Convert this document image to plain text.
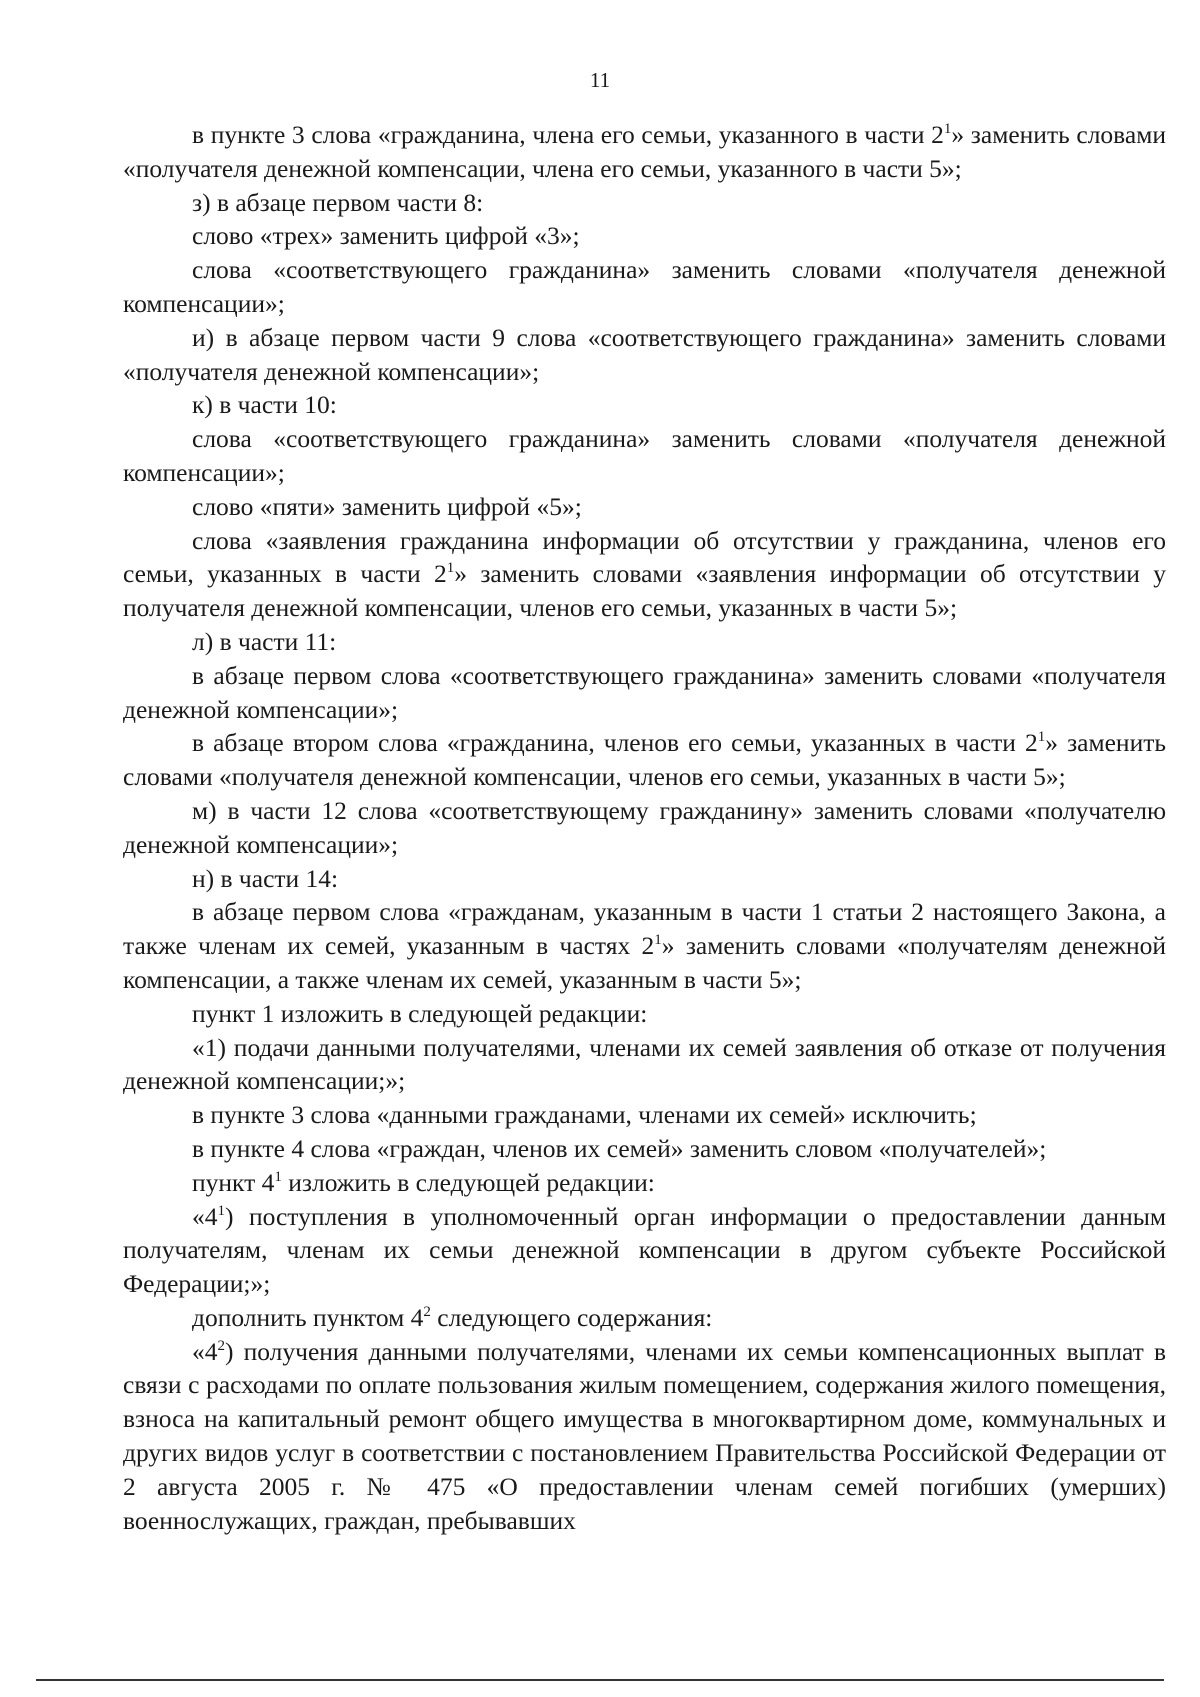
11

в пункте 3 слова «гражданина, члена его семьи, указанного в части $2^1$» заменить словами «получателя денежной компенсации, члена его семьи, указанного в части 5»;

з) в абзаце первом части 8:

слово «трех» заменить цифрой «3»;

слова «соответствующего гражданина» заменить словами «получателя денежной компенсации»;

и) в абзаце первом части 9 слова «соответствующего гражданина» заменить словами «получателя денежной компенсации»;

к) в части 10:

слова «соответствующего гражданина» заменить словами «получателя денежной компенсации»;

слово «пяти» заменить цифрой «5»;

слова «заявления гражданина информации об отсутствии у гражданина, членов его семьи, указанных в части $2^1$» заменить словами «заявления информации об отсутствии у получателя денежной компенсации, членов его семьи, указанных в части 5»;

л) в части 11:

в абзаце первом слова «соответствующего гражданина» заменить словами «получателя денежной компенсации»;

в абзаце втором слова «гражданина, членов его семьи, указанных в части $2^1$» заменить словами «получателя денежной компенсации, членов его семьи, указанных в части 5»;

м) в части 12 слова «соответствующему гражданину» заменить словами «получателю денежной компенсации»;

н) в части 14:

в абзаце первом слова «гражданам, указанным в части 1 статьи 2 настоящего Закона, а также членам их семей, указанным в частях $2^1$» заменить словами «получателям денежной компенсации, а также членам их семей, указанным в части 5»;

пункт 1 изложить в следующей редакции:

«1) подачи данными получателями, членами их семей заявления об отказе от получения денежной компенсации;»;

в пункте 3 слова «данными гражданами, членами их семей» исключить;

в пункте 4 слова «граждан, членов их семей» заменить словом «получателей»;

пункт $4^1$ изложить в следующей редакции:

«$4^1$) поступления в уполномоченный орган информации о предоставлении данным получателям, членам их семьи денежной компенсации в другом субъекте Российской Федерации;»;

дополнить пунктом $4^2$ следующего содержания:

«$4^2$) получения данными получателями, членами их семьи компенсационных выплат в связи с расходами по оплате пользования жилым помещением, содержания жилого помещения, взноса на капитальный ремонт общего имущества в многоквартирном доме, коммунальных и других видов услуг в соответствии с постановлением Правительства Российской Федерации от 2 августа 2005 г. № 475 «О предоставлении членам семей погибших (умерших) военнослужащих, граждан, пребывавших
